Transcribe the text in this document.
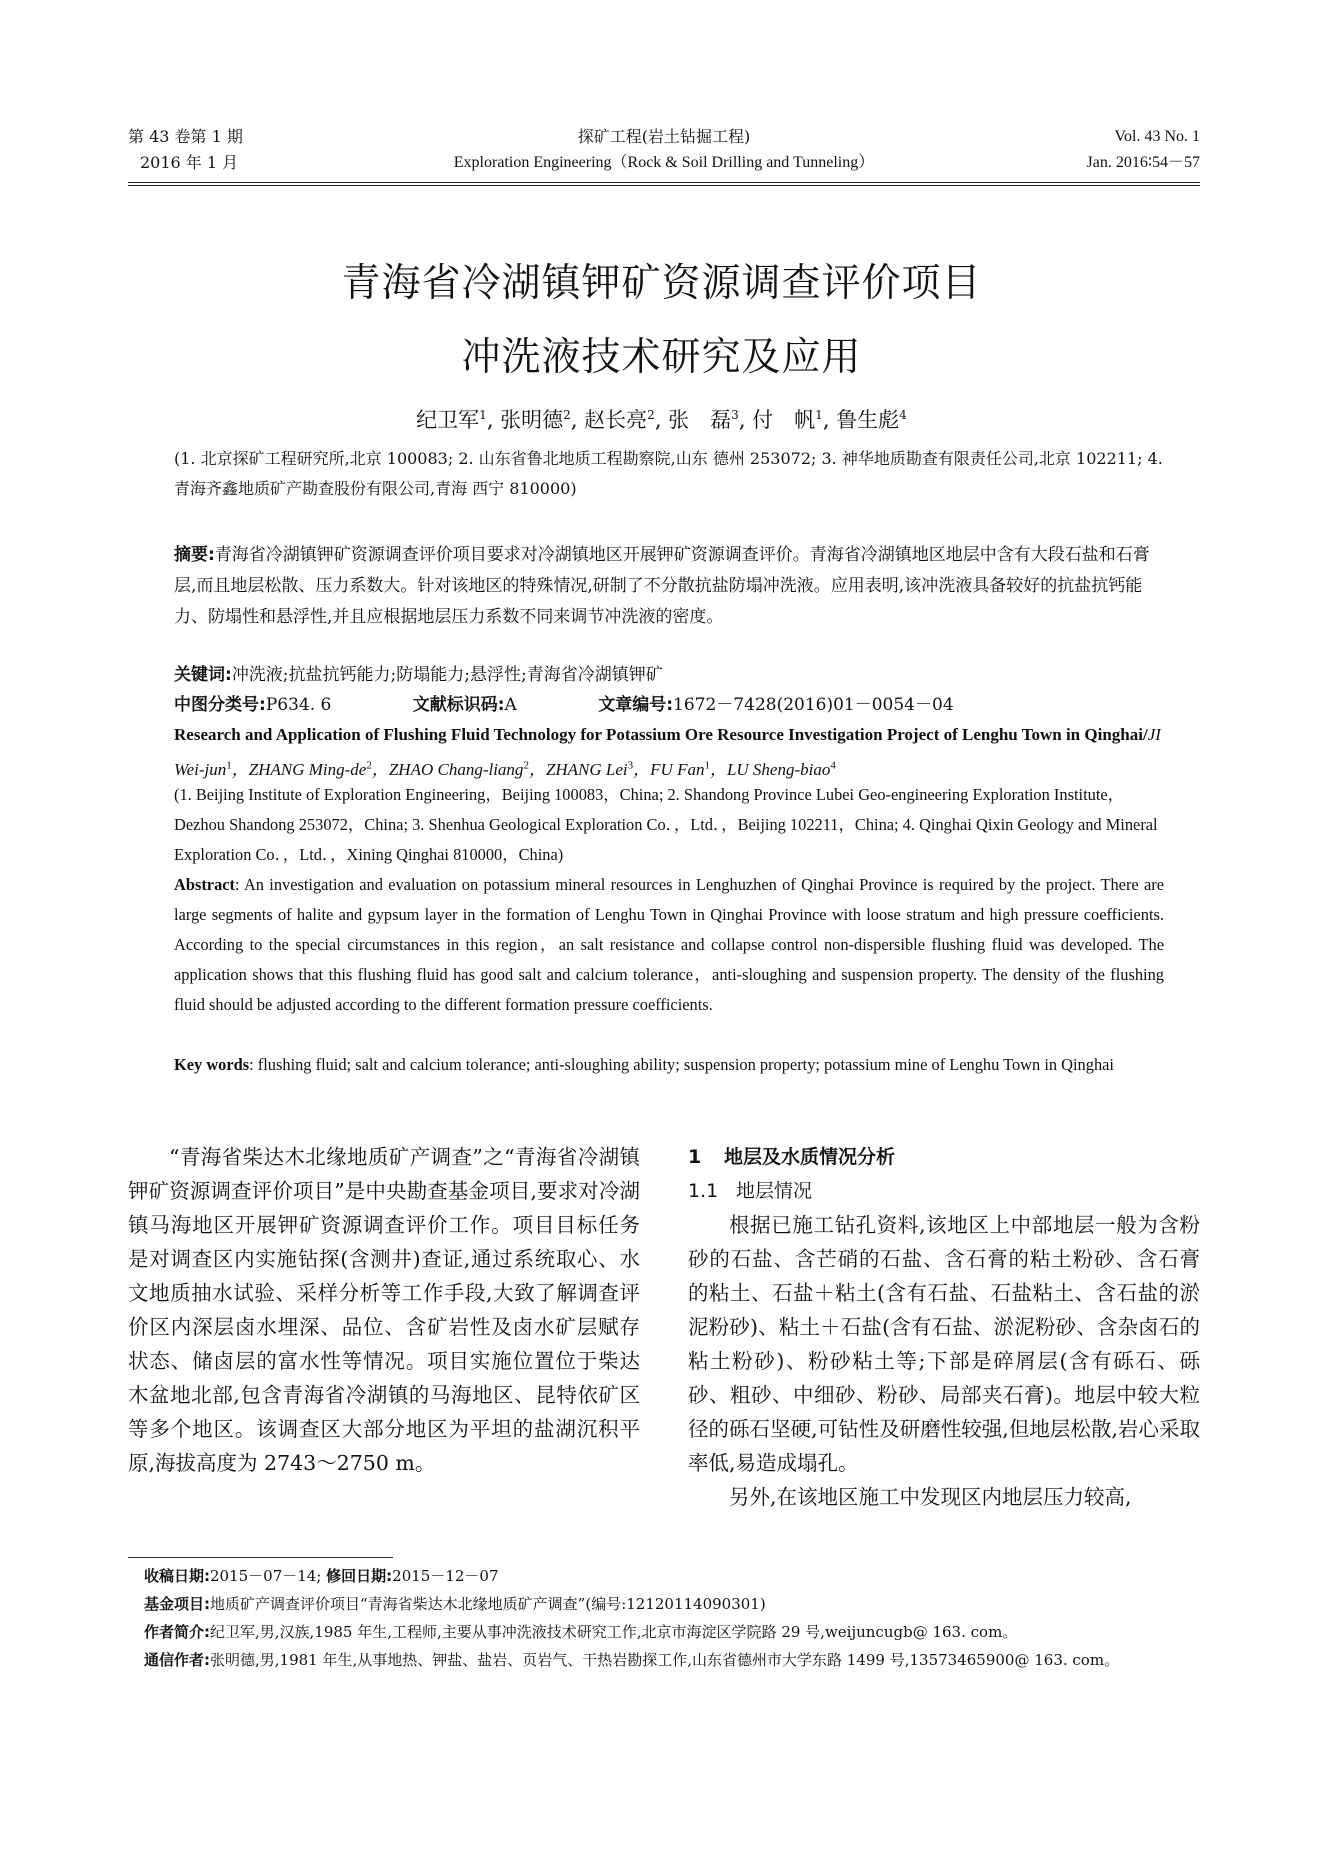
第 43 卷第 1 期
2016 年 1 月
探矿工程(岩土钻掘工程)
Exploration Engineering（Rock & Soil Drilling and Tunneling）
Vol. 43 No. 1
Jan. 2016∶54－57
青海省冷湖镇钾矿资源调查评价项目
冲洗液技术研究及应用
纪卫军$^1$, 张明德$^2$, 赵长亮$^2$, 张　磊$^3$, 付　帆$^1$, 鲁生彪$^4$
(1. 北京探矿工程研究所,北京 100083; 2. 山东省鲁北地质工程勘察院,山东 德州 253072; 3. 神华地质勘查有限责任公司,北京 102211; 4. 青海齐鑫地质矿产勘查股份有限公司,青海 西宁 810000)
摘要:青海省冷湖镇钾矿资源调查评价项目要求对冷湖镇地区开展钾矿资源调查评价。青海省冷湖镇地区地层中含有大段石盐和石膏层,而且地层松散、压力系数大。针对该地区的特殊情况,研制了不分散抗盐防塌冲洗液。应用表明,该冲洗液具备较好的抗盐抗钙能力、防塌性和悬浮性,并且应根据地层压力系数不同来调节冲洗液的密度。
关键词:冲洗液;抗盐抗钙能力;防塌能力;悬浮性;青海省冷湖镇钾矿
中图分类号:P634. 6	文献标识码:A	文章编号:1672－7428(2016)01－0054－04
Research and Application of Flushing Fluid Technology for Potassium Ore Resource Investigation Project of Lenghu Town in Qinghai/JI Wei-jun$^1$，ZHANG Ming-$de^2$，ZHAO Chang-liang$^2$，ZHANG Lei$^3$，FU Fan$^1$，LU Sheng-biao$^4$
(1. Beijing Institute of Exploration Engineering，Beijing 100083，China; 2. Shandong Province Lubei Geo-engineering Exploration Institute，Dezhou Shandong 253072，China; 3. Shenhua Geological Exploration Co．，Ltd．，Beijing 102211，China; 4. Qinghai Qixin Geology and Mineral Exploration Co．，Ltd．，Xining Qinghai 810000，China)
Abstract: An investigation and evaluation on potassium mineral resources in Lenghuzhen of Qinghai Province is required by the project. There are large segments of halite and gypsum layer in the formation of Lenghu Town in Qinghai Province with loose stratum and high pressure coefficients. According to the special circumstances in this region，an salt resistance and collapse control non-dispersible flushing fluid was developed. The application shows that this flushing fluid has good salt and calcium tolerance，anti-sloughing and suspension property. The density of the flushing fluid should be adjusted according to the different formation pressure coefficients.
Key words: flushing fluid; salt and calcium tolerance; anti-sloughing ability; suspension property; potassium mine of Lenghu Town in Qinghai
“青海省柴达木北缘地质矿产调查”之“青海省冷湖镇钾矿资源调查评价项目”是中央勘查基金项目,要求对冷湖镇马海地区开展钾矿资源调查评价工作。项目目标任务是对调查区内实施钻探(含测井)查证,通过系统取心、水文地质抽水试验、采样分析等工作手段,大致了解调查评价区内深层卤水埋深、品位、含矿岩性及卤水矿层赋存状态、储卤层的富水性等情况。项目实施位置位于柴达木盆地北部,包含青海省冷湖镇的马海地区、昆特依矿区等多个地区。该调查区大部分地区为平坦的盐湖沉积平原,海拔高度为 2743～2750 m。
1 地层及水质情况分析
1.1 地层情况
根据已施工钻孔资料,该地区上中部地层一般为含粉砂的石盐、含芒硝的石盐、含石膏的粘土粉砂、含石膏的粘土、石盐＋粘土(含有石盐、石盐粘土、含石盐的淤泥粉砂)、粘土＋石盐(含有石盐、淤泥粉砂、含杂卤石的粘土粉砂)、粉砂粘土等;下部是碎屑层(含有砾石、砾砂、粗砂、中细砂、粉砂、局部夹石膏)。地层中较大粒径的砾石坚硬,可钻性及研磨性较强,但地层松散,岩心采取率低,易造成塌孔。
另外,在该地区施工中发现区内地层压力较高,
收稿日期:2015－07－14; 修回日期:2015－12－07
基金项目:地质矿产调查评价项目“青海省柴达木北缘地质矿产调查”(编号:12120114090301)
作者简介:纪卫军,男,汉族,1985 年生,工程师,主要从事冲洗液技术研究工作,北京市海淀区学院路 29 号,weijuncugb@ 163. com。
通信作者:张明德,男,1981 年生,从事地热、钾盐、盐岩、页岩气、干热岩勘探工作,山东省德州市大学东路 1499 号,13573465900@ 163. com。
